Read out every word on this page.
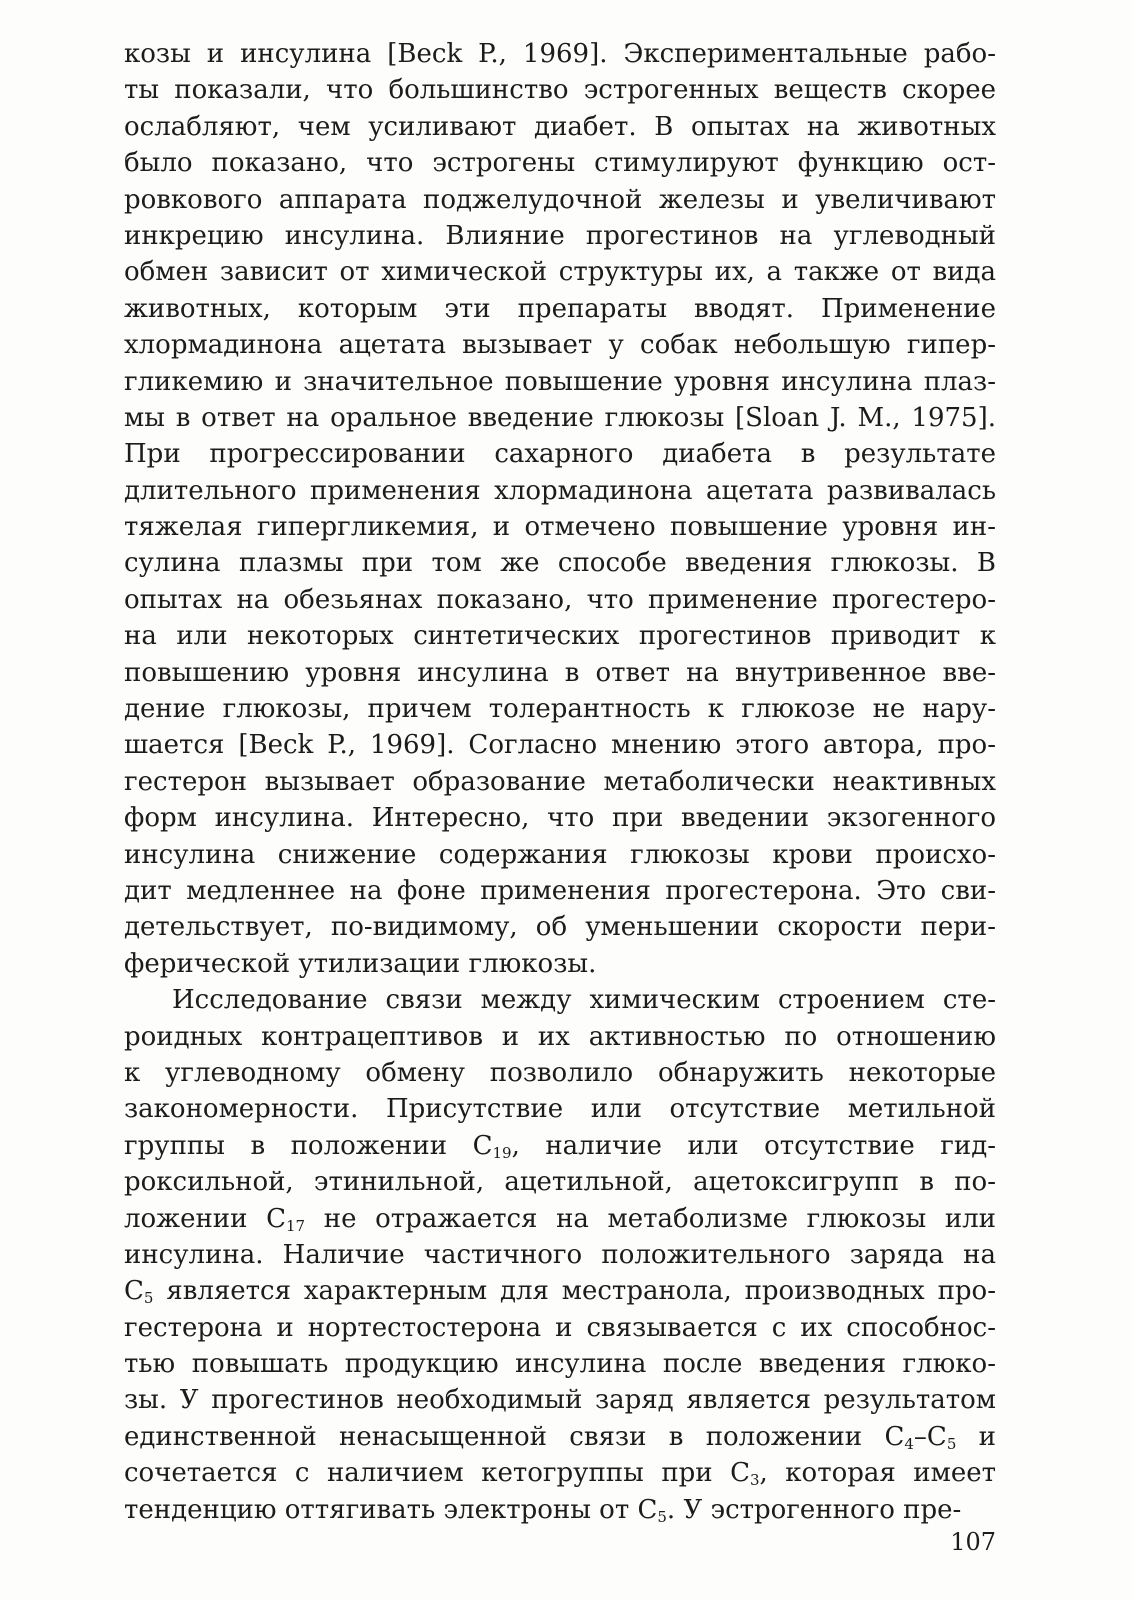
козы и инсулина [Beck P., 1969]. Экспериментальные рабо-
ты показали, что большинство эстрогенных веществ скорее
ослабляют, чем усиливают диабет. В опытах на животных
было показано, что эстрогены стимулируют функцию ост-
ровкового аппарата поджелудочной железы и увеличивают
инкрецию инсулина. Влияние прогестинов на углеводный
обмен зависит от химической структуры их, а также от вида
животных, которым эти препараты вводят. Применение
хлормадинона ацетата вызывает у собак небольшую гипер-
гликемию и значительное повышение уровня инсулина плаз-
мы в ответ на оральное введение глюкозы [Sloan J. M., 1975].
При прогрессировании сахарного диабета в результате
длительного применения хлормадинона ацетата развивалась
тяжелая гипергликемия, и отмечено повышение уровня ин-
сулина плазмы при том же способе введения глюкозы. В
опытах на обезьянах показано, что применение прогестеро-
на или некоторых синтетических прогестинов приводит к
повышению уровня инсулина в ответ на внутривенное вве-
дение глюкозы, причем толерантность к глюкозе не нару-
шается [Beck P., 1969]. Согласно мнению этого автора, про-
гестерон вызывает образование метаболически неактивных
форм инсулина. Интересно, что при введении экзогенного
инсулина снижение содержания глюкозы крови происхо-
дит медленнее на фоне применения прогестерона. Это сви-
детельствует, по-видимому, об уменьшении скорости пери-
ферической утилизации глюкозы.
Исследование связи между химическим строением сте-
роидных контрацептивов и их активностью по отношению
к углеводному обмену позволило обнаружить некоторые
закономерности. Присутствие или отсутствие метильной
группы в положении $С_{19}$, наличие или отсутствие гид-
роксильной, этинильной, ацетильной, ацетоксигрупп в по-
ложении $С_{17}$ не отражается на метаболизме глюкозы или
инсулина. Наличие частичного положительного заряда на
$С_5$ является характерным для местранола, производных про-
гестерона и нортестостерона и связывается с их способнос-
тью повышать продукцию инсулина после введения глюко-
зы. У прогестинов необходимый заряд является результатом
единственной ненасыщенной связи в положении $С_4-С_5$ и
сочетается с наличием кетогруппы при $С_3$, которая имеет
тенденцию оттягивать электроны от $С_5$. У эстрогенного пре-
107
